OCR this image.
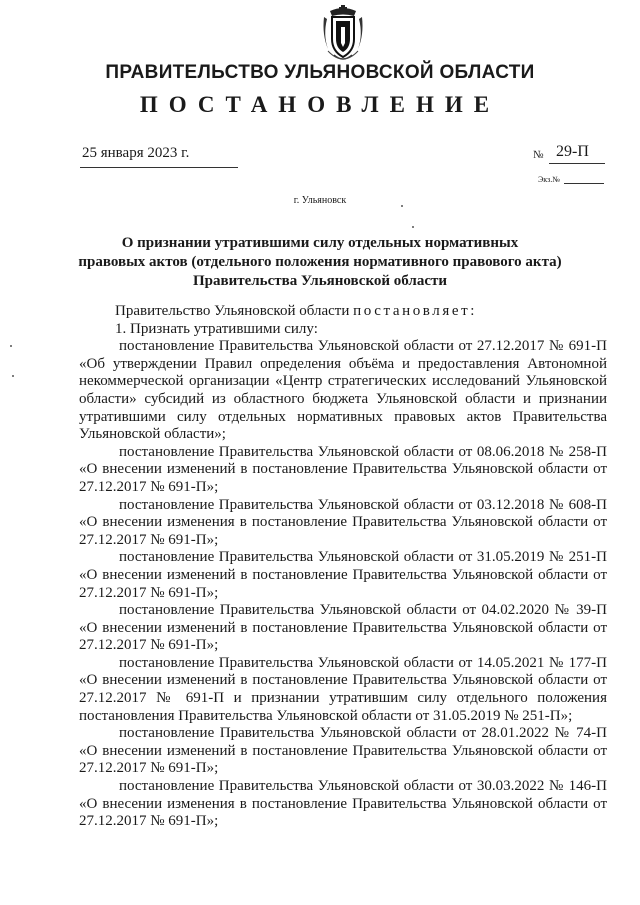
ПРАВИТЕЛЬСТВО УЛЬЯНОВСКОЙ ОБЛАСТИ
ПОСТАНОВЛЕНИЕ
25 января 2023 г.	№ 29-П
Экз.№
г. Ульяновск
О признании утратившими силу отдельных нормативных
правовых актов (отдельного положения нормативного правового акта)
Правительства Ульяновской области

Правительство Ульяновской области постановляет:

1. Признать утратившими силу:

постановление Правительства Ульяновской области от 27.12.2017 № 691-П «Об утверждении Правил определения объёма и предоставления Автономной некоммерческой организации «Центр стратегических исследований Ульяновской области» субсидий из областного бюджета Ульяновской области и признании утратившими силу отдельных нормативных правовых актов Правительства Ульяновской области»;

постановление Правительства Ульяновской области от 08.06.2018 № 258-П «О внесении изменений в постановление Правительства Ульяновской области от 27.12.2017 № 691-П»;

постановление Правительства Ульяновской области от 03.12.2018 № 608-П «О внесении изменения в постановление Правительства Ульяновской области от 27.12.2017 № 691-П»;

постановление Правительства Ульяновской области от 31.05.2019 № 251-П «О внесении изменений в постановление Правительства Ульяновской области от 27.12.2017 № 691-П»;

постановление Правительства Ульяновской области от 04.02.2020 № 39-П «О внесении изменений в постановление Правительства Ульяновской области от 27.12.2017 № 691-П»;

постановление Правительства Ульяновской области от 14.05.2021 № 177-П «О внесении изменений в постановление Правительства Ульяновской области от 27.12.2017 № 691-П и признании утратившим силу отдельного положения постановления Правительства Ульяновской области от 31.05.2019 № 251-П»;

постановление Правительства Ульяновской области от 28.01.2022 № 74-П «О внесении изменений в постановление Правительства Ульяновской области от 27.12.2017 № 691-П»;

постановление Правительства Ульяновской области от 30.03.2022 № 146-П «О внесении изменения в постановление Правительства Ульяновской области от 27.12.2017 № 691-П»;
